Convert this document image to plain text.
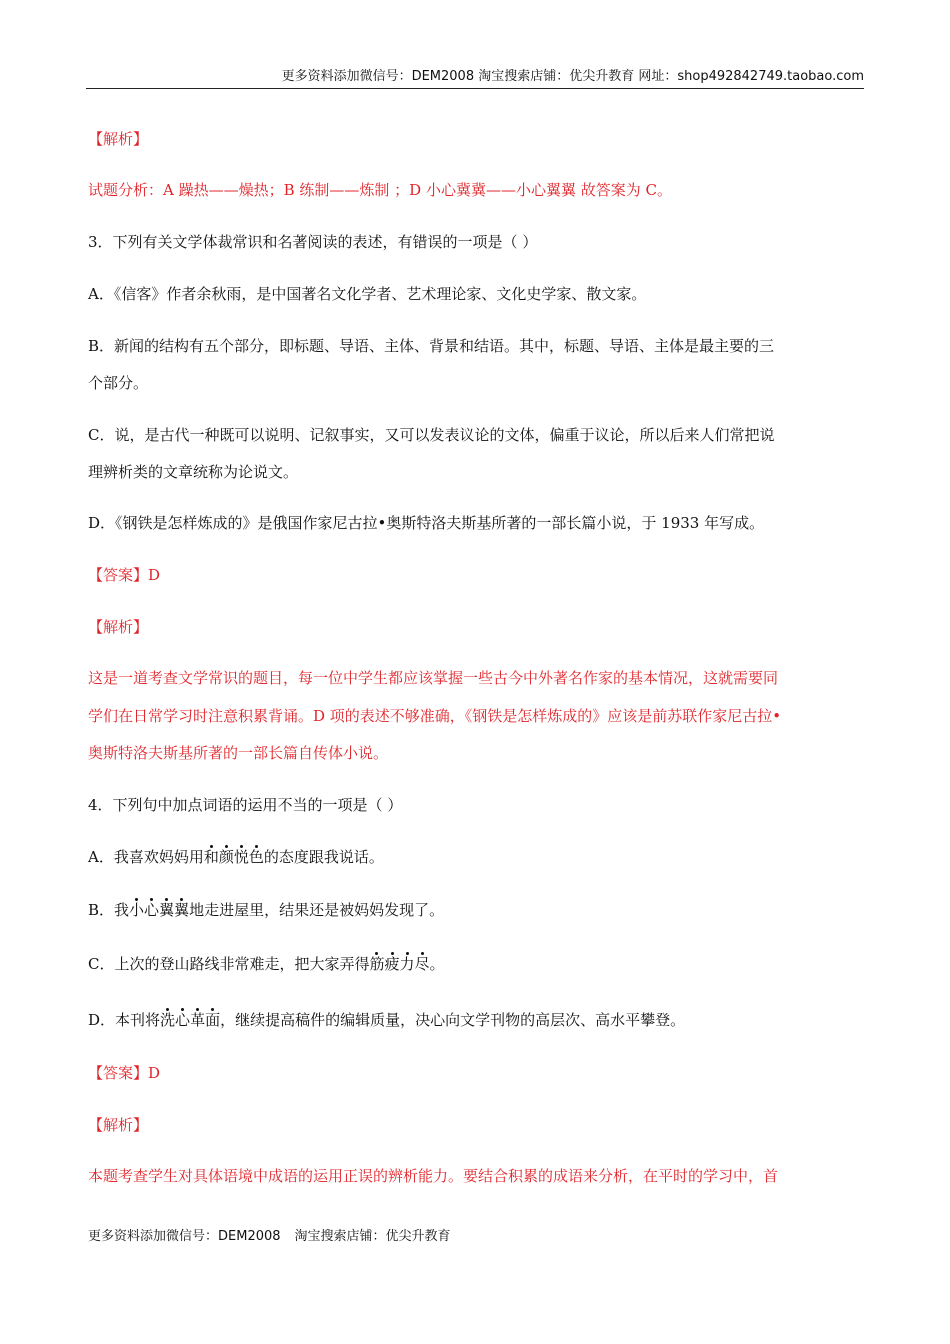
更多资料添加微信号：DEM2008 淘宝搜索店铺：优尖升教育 网址：shop492842749.taobao.com
【解析】
试题分析：A 躁热——燥热；B 练制——炼制 ；D 小心冀冀——小心翼翼 故答案为 C。
3．下列有关文学体裁常识和名著阅读的表述，有错误的一项是（ ）
A．《信客》作者余秋雨，是中国著名文化学者、艺术理论家、文化史学家、散文家。
B．新闻的结构有五个部分，即标题、导语、主体、背景和结语。其中，标题、导语、主体是最主要的三
个部分。
C．说，是古代一种既可以说明、记叙事实，又可以发表议论的文体，偏重于议论，所以后来人们常把说
理辨析类的文章统称为论说文。
D．《钢铁是怎样炼成的》是俄国作家尼古拉•奥斯特洛夫斯基所著的一部长篇小说，于 1933 年写成。
【答案】D
【解析】
这是一道考查文学常识的题目，每一位中学生都应该掌握一些古今中外著名作家的基本情况，这就需要同
学们在日常学习时注意积累背诵。D 项的表述不够准确，《钢铁是怎样炼成的》应该是前苏联作家尼古拉•
奥斯特洛夫斯基所著的一部长篇自传体小说。
4．下列句中加点词语的运用不当的一项是（ ）
A．我喜欢妈妈用和颜悦色的态度跟我说话。
B．我小心翼翼地走进屋里，结果还是被妈妈发现了。
C．上次的登山路线非常难走，把大家弄得筋疲力尽。
D．本刊将洗心革面，继续提高稿件的编辑质量，决心向文学刊物的高层次、高水平攀登。
【答案】D
【解析】
本题考查学生对具体语境中成语的运用正误的辨析能力。要结合积累的成语来分析，在平时的学习中，首
更多资料添加微信号：DEM2008 淘宝搜索店铺：优尖升教育
